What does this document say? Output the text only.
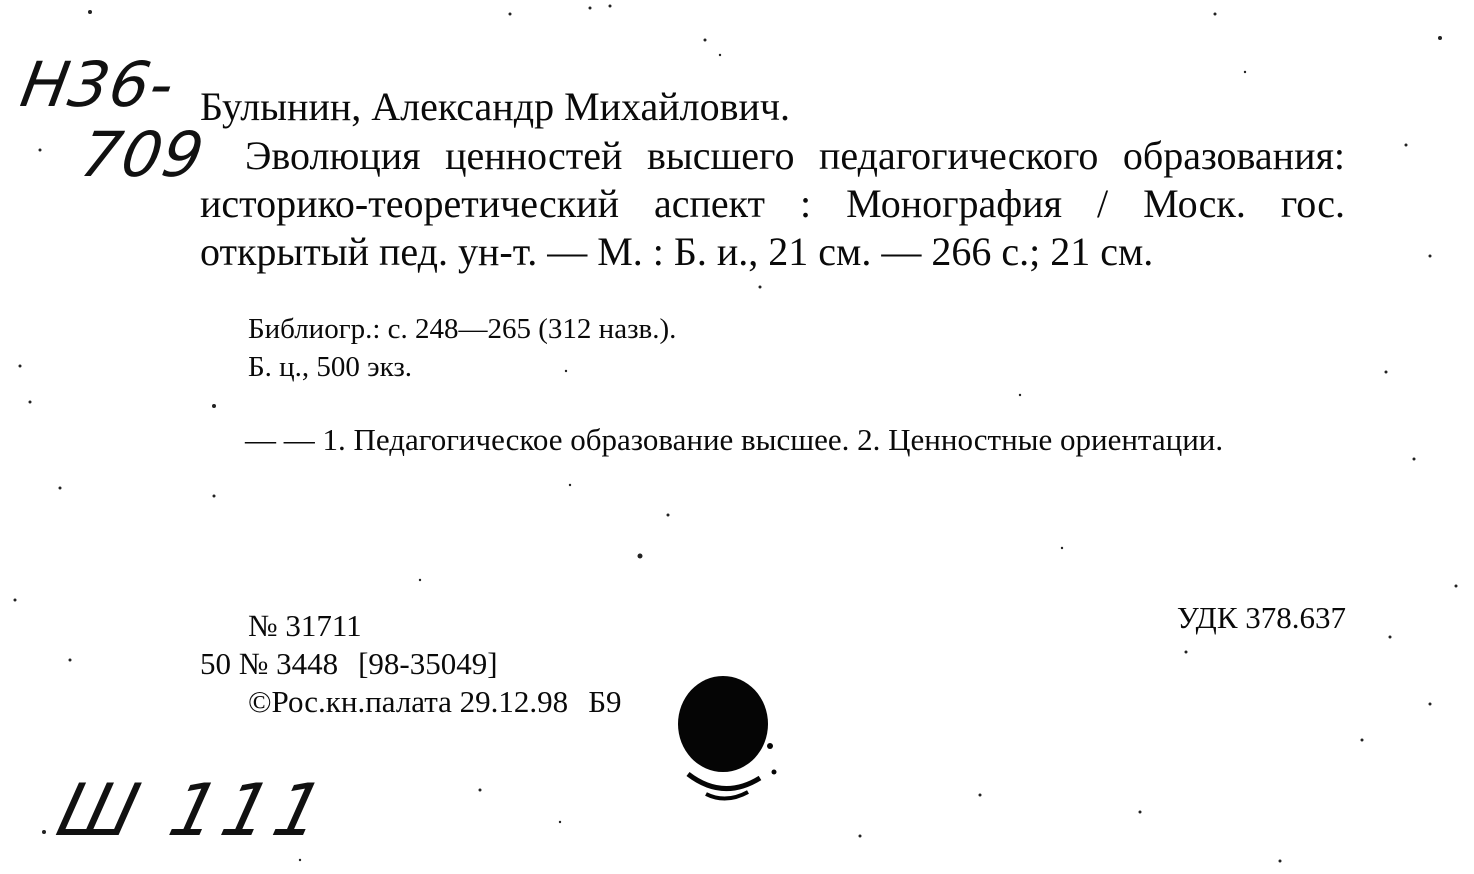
Н36-
709
Булынин, Александр Михайлович.
Эволюция ценностей высшего педагогического образования: историко-теоретический аспект : Монография / Моск. гос. открытый пед. ун-т. — М. : Б. и., 21 см. — 266 с.; 21 см.
Библиогр.: с. 248—265 (312 назв.).
Б. ц., 500 экз.
— — 1. Педагогическое образование высшее. 2. Ценностные ориентации.
№ 31711
50 № 3448 [98-35049]
©Рос.кн.палата 29.12.98 Б9
УДК 378.637
Ш 111
